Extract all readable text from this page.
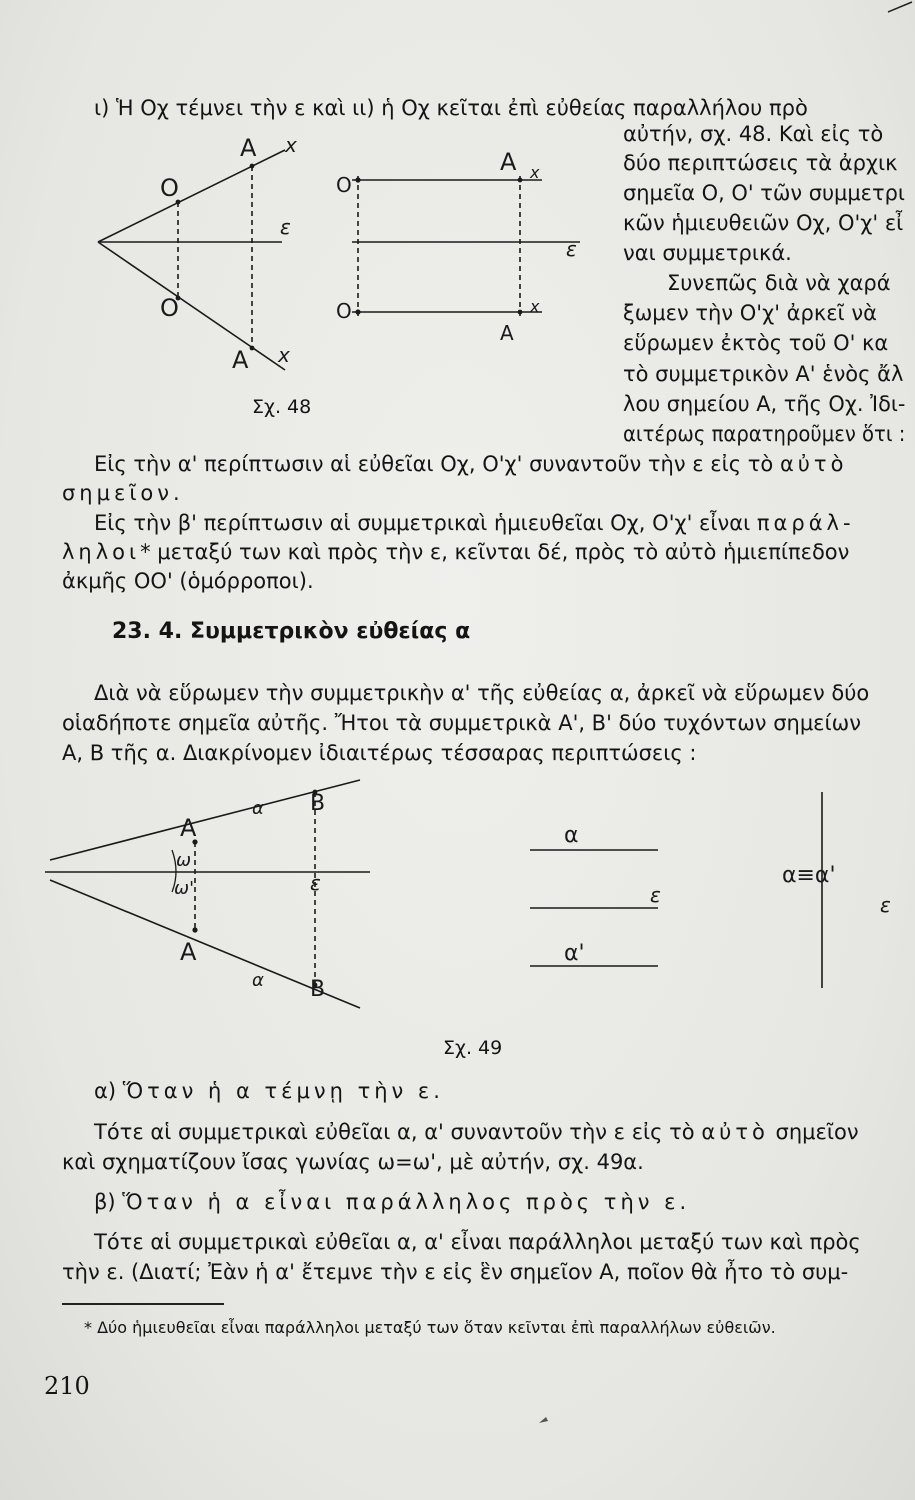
ι) Ἡ Οχ τέμνει τὴν ε καὶ ιι) ἡ Οχ κεῖται ἐπὶ εὐθείας παραλλήλου πρὸ
αὐτήν, σχ. 48. Καὶ εἰς τὸ
δύο περιπτώσεις τὰ ἀρχικ
σημεῖα Ο, Ο' τῶν συμμετρι
κῶν ἡμιευθειῶν Οχ, Ο'χ' εἶ
ναι συμμετρικά.
Συνεπῶς διὰ νὰ χαρά
ξωμεν τὴν Ο'χ' ἀρκεῖ νὰ
εὕρωμεν ἐκτὸς τοῦ Ο' κα
τὸ συμμετρικὸν Α' ἑνὸς ἄλ
λου σημείου Α, τῆς Οχ. Ἰδι-
αιτέρως παρατηροῦμεν ὅτι :
A x
O
ε
O
A x
A x
O
ε
O
A
x
Σχ. 48
Εἰς τὴν α' περίπτωσιν αἱ εὐθεῖαι Οχ, Ο'χ' συναντοῦν τὴν ε εἰς τὸ αὐτὸ
σημεῖον.
Εἰς τὴν β' περίπτωσιν αἱ συμμετρικαὶ ἡμιευθεῖαι Οχ, Ο'χ' εἶναι παράλ-
ληλοι* μεταξύ των καὶ πρὸς τὴν ε, κεῖνται δέ, πρὸς τὸ αὐτὸ ἡμιεπίπεδον
ἀκμῆς ΟΟ' (ὁμόρροποι).
23. 4. Συμμετρικὸν εὐθείας α
Διὰ νὰ εὕρωμεν τὴν συμμετρικὴν α' τῆς εὐθείας α, ἀρκεῖ νὰ εὕρωμεν δύο
οἱαδήποτε σημεῖα αὐτῆς. Ἤτοι τὰ συμμετρικὰ Α', Β' δύο τυχόντων σημείων
Α, Β τῆς α. Διακρίνομεν ἰδιαιτέρως τέσσαρας περιπτώσεις :
A
α B
ω
ω'	ε
A
α B
α
ε
α'
α≡α'
ε
Σχ. 49
α) Ὅταν ἡ α τέμνῃ τὴν ε.
Τότε αἱ συμμετρικαὶ εὐθεῖαι α, α' συναντοῦν τὴν ε εἰς τὸ αὐτὸ σημεῖον
καὶ σχηματίζουν ἴσας γωνίας ω=ω', μὲ αὐτήν, σχ. 49α.
β) Ὅταν ἡ α εἶναι παράλληλος πρὸς τὴν ε.
Τότε αἱ συμμετρικαὶ εὐθεῖαι α, α' εἶναι παράλληλοι μεταξύ των καὶ πρὸς
τὴν ε. (Διατί; Ἐὰν ἡ α' ἔτεμνε τὴν ε εἰς ἓν σημεῖον Α, ποῖον θὰ ἦτο τὸ συμ-
* Δύο ἡμιευθεῖαι εἶναι παράλληλοι μεταξύ των ὅταν κεῖνται ἐπὶ παραλλήλων εὐθειῶν.
210
